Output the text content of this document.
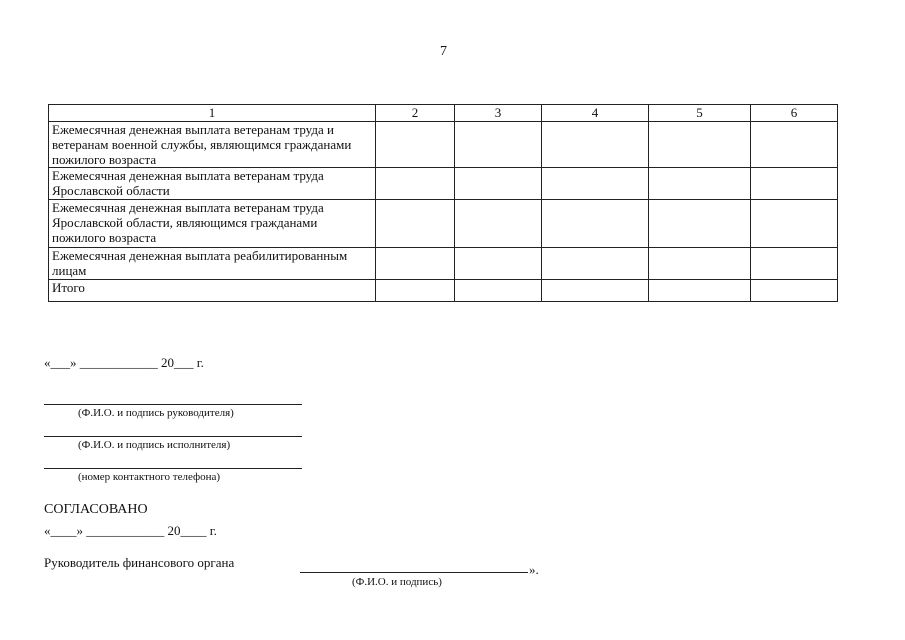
7
1	2	3	4	5	6
Ежемесячная денежная выплата ветеранам труда и ветеранам военной службы, являющимся гражданами пожилого возраста					
Ежемесячная денежная выплата ветеранам труда Ярославской области					
Ежемесячная денежная выплата ветеранам труда Ярославской области, являющимся гражданами пожилого возраста					
Ежемесячная денежная выплата реабилитированным лицам					
Итого					
«___» ____________ 20___ г.
(Ф.И.О. и подпись руководителя)
(Ф.И.О. и подпись исполнителя)
(номер контактного телефона)
СОГЛАСОВАНО
«____» ____________ 20____ г.
Руководитель финансового органа	».
(Ф.И.О. и подпись)
